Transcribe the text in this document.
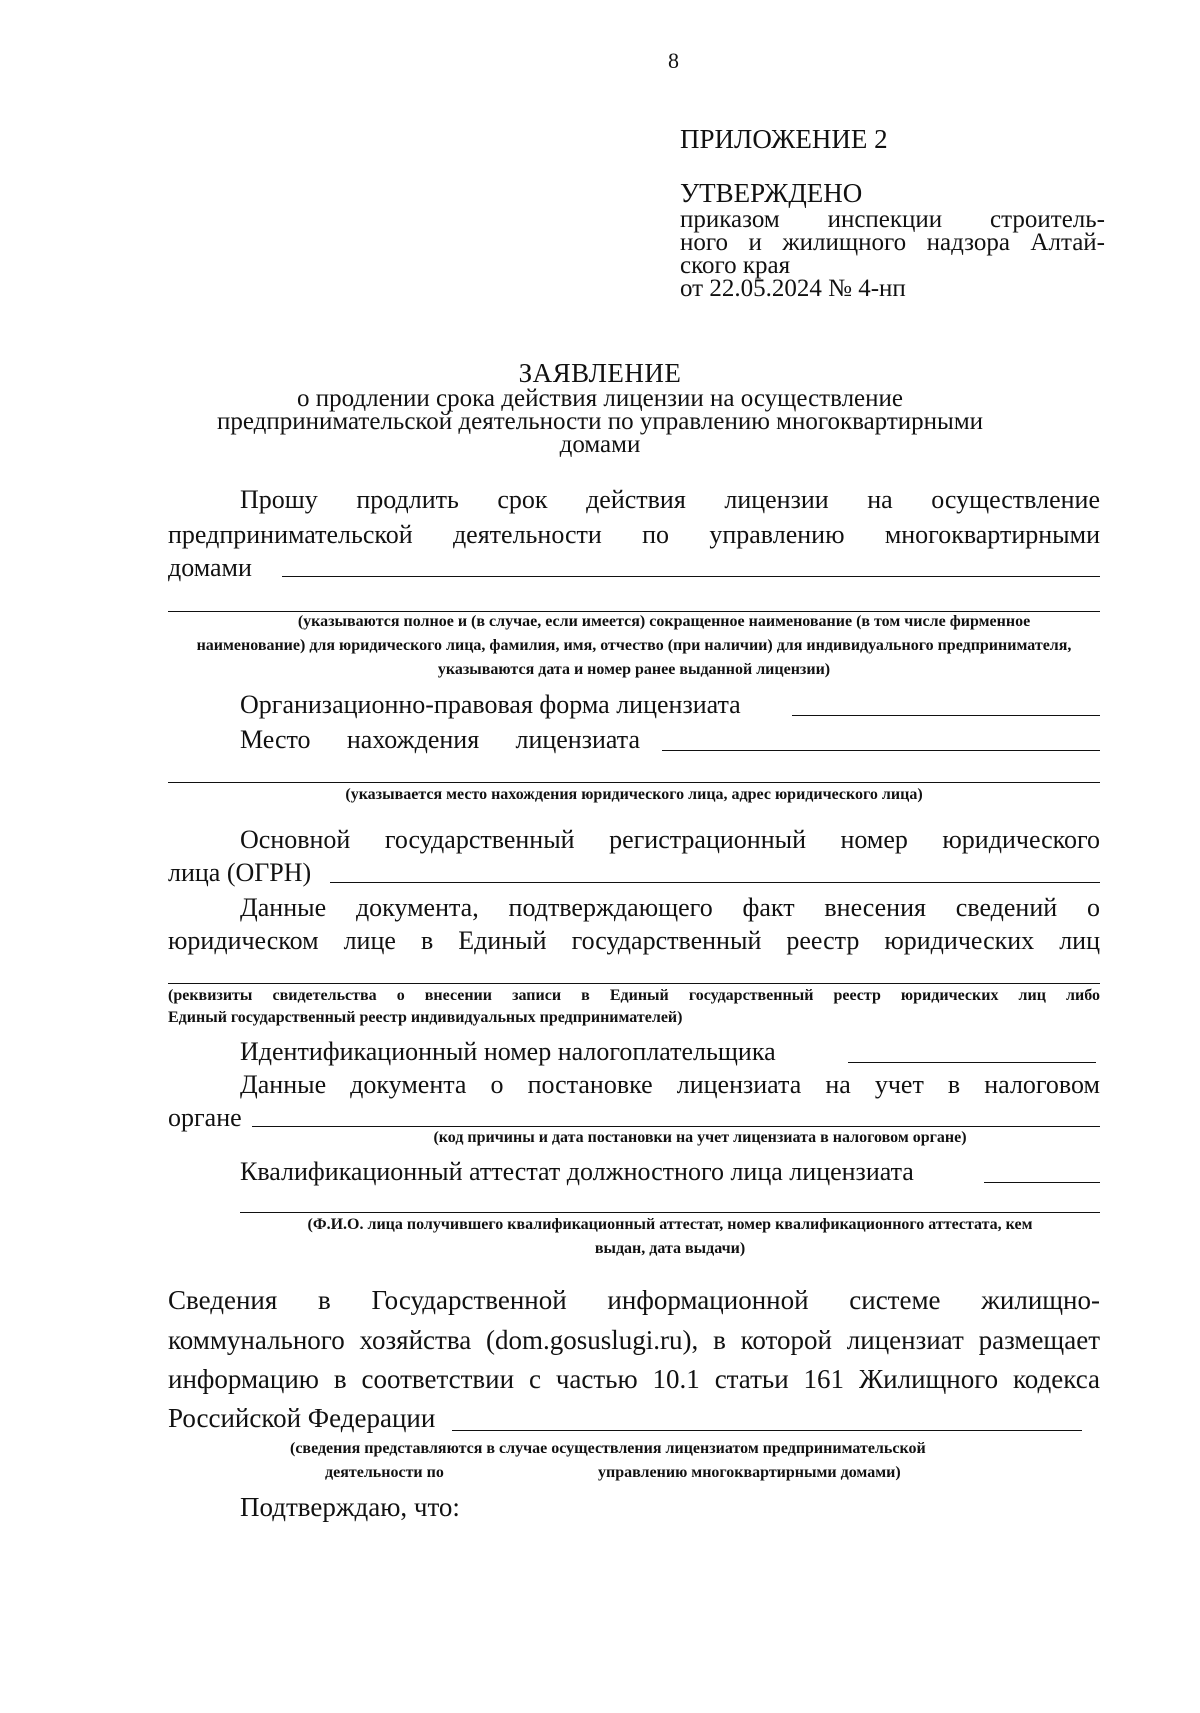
8
ПРИЛОЖЕНИЕ 2
УТВЕРЖДЕНО
приказом инспекции строитель-
ного и жилищного надзора Алтай-
ского края
от 22.05.2024 № 4-нп
ЗАЯВЛЕНИЕ
о продлении срока действия лицензии на осуществление
предпринимательской деятельности по управлению многоквартирными
домами
Прошу продлить срок действия лицензии на осуществление
предпринимательской деятельности по управлению многоквартирными
домами
(указываются полное и (в случае, если имеется) сокращенное наименование (в том числе фирменное
наименование) для юридического лица, фамилия, имя, отчество (при наличии) для индивидуального предпринимателя,
указываются дата и номер ранее выданной лицензии)
Организационно-правовая форма лицензиата
Место нахождения лицензиата
(указывается место нахождения юридического лица, адрес юридического лица)
Основной государственный регистрационный номер юридического
лица (ОГРН)
Данные документа, подтверждающего факт внесения сведений о
юридическом лице в Единый государственный реестр юридических лиц
(реквизиты свидетельства о внесении записи в Единый государственный реестр юридических лиц либо
Единый государственный реестр индивидуальных предпринимателей)
Идентификационный номер налогоплательщика
Данные документа о постановке лицензиата на учет в налоговом
органе
(код причины и дата постановки на учет лицензиата в налоговом органе)
Квалификационный аттестат должностного лица лицензиата
(Ф.И.О. лица получившего квалификационный аттестат, номер квалификационного аттестата, кем
выдан, дата выдачи)
Сведения в Государственной информационной системе жилищно-
коммунального хозяйства (dom.gosuslugi.ru), в которой лицензиат размещает
информацию в соответствии с частью 10.1 статьи 161 Жилищного кодекса
Российской Федерации
(сведения представляются в случае осуществления лицензиатом предпринимательской
деятельности по	управлению многоквартирными домами)
Подтверждаю, что:
